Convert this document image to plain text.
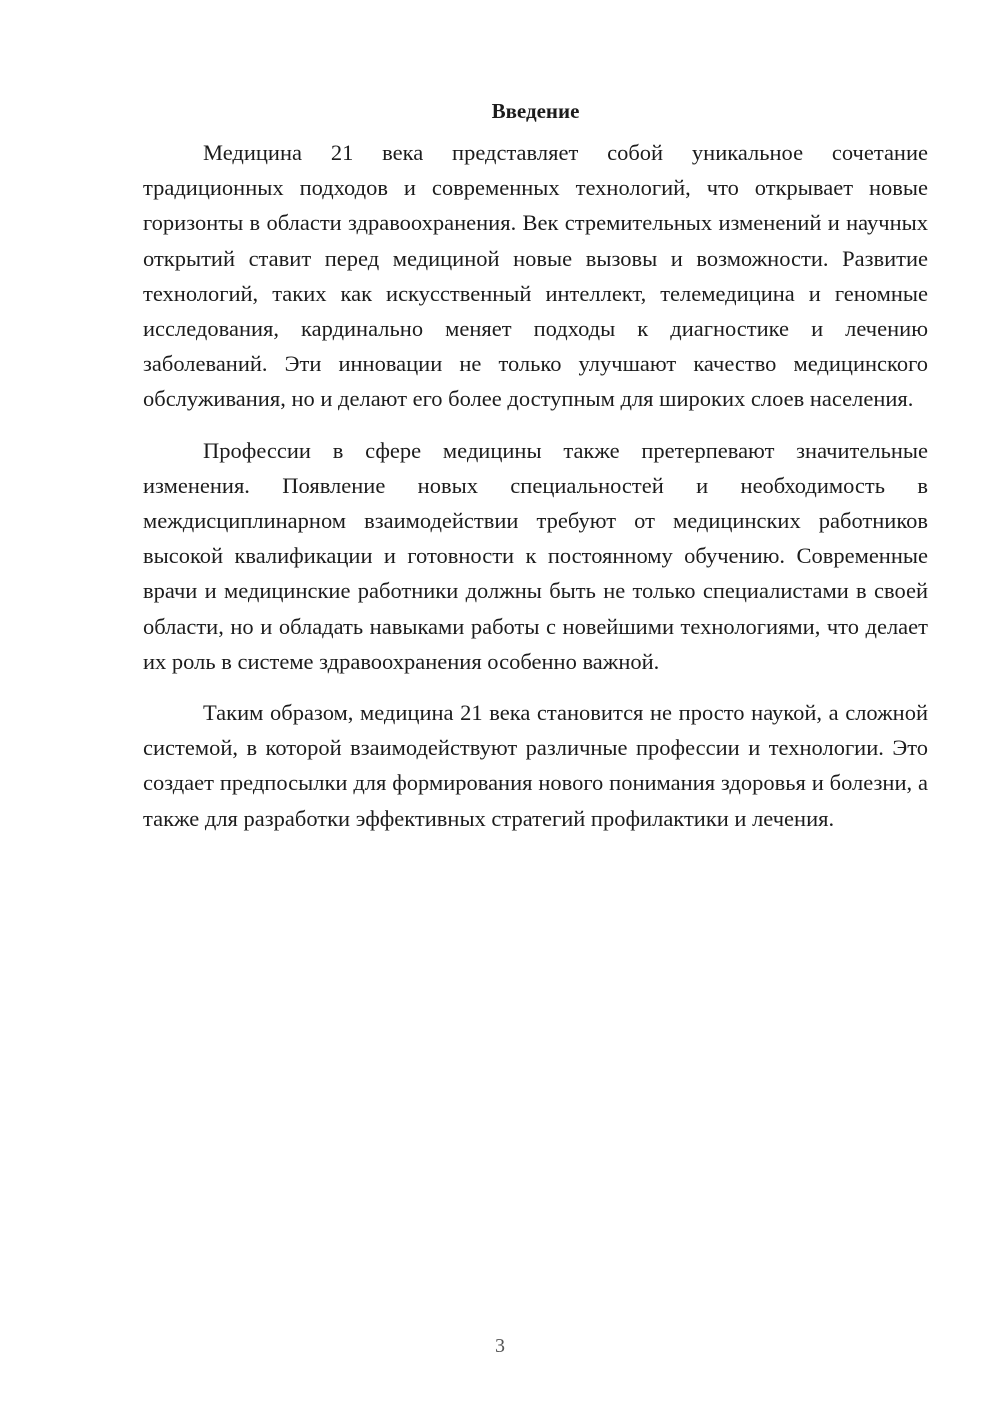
Введение

Медицина 21 века представляет собой уникальное сочетание традиционных подходов и современных технологий, что открывает новые горизонты в области здравоохранения. Век стремительных изменений и научных открытий ставит перед медициной новые вызовы и возможности. Развитие технологий, таких как искусственный интеллект, телемедицина и геномные исследования, кардинально меняет подходы к диагностике и лечению заболеваний. Эти инновации не только улучшают качество медицинского обслуживания, но и делают его более доступным для широких слоев населения.

Профессии в сфере медицины также претерпевают значительные изменения. Появление новых специальностей и необходимость в междисциплинарном взаимодействии требуют от медицинских работников высокой квалификации и готовности к постоянному обучению. Современные врачи и медицинские работники должны быть не только специалистами в своей области, но и обладать навыками работы с новейшими технологиями, что делает их роль в системе здравоохранения особенно важной.

Таким образом, медицина 21 века становится не просто наукой, а сложной системой, в которой взаимодействуют различные профессии и технологии. Это создает предпосылки для формирования нового понимания здоровья и болезни, а также для разработки эффективных стратегий профилактики и лечения.

3
